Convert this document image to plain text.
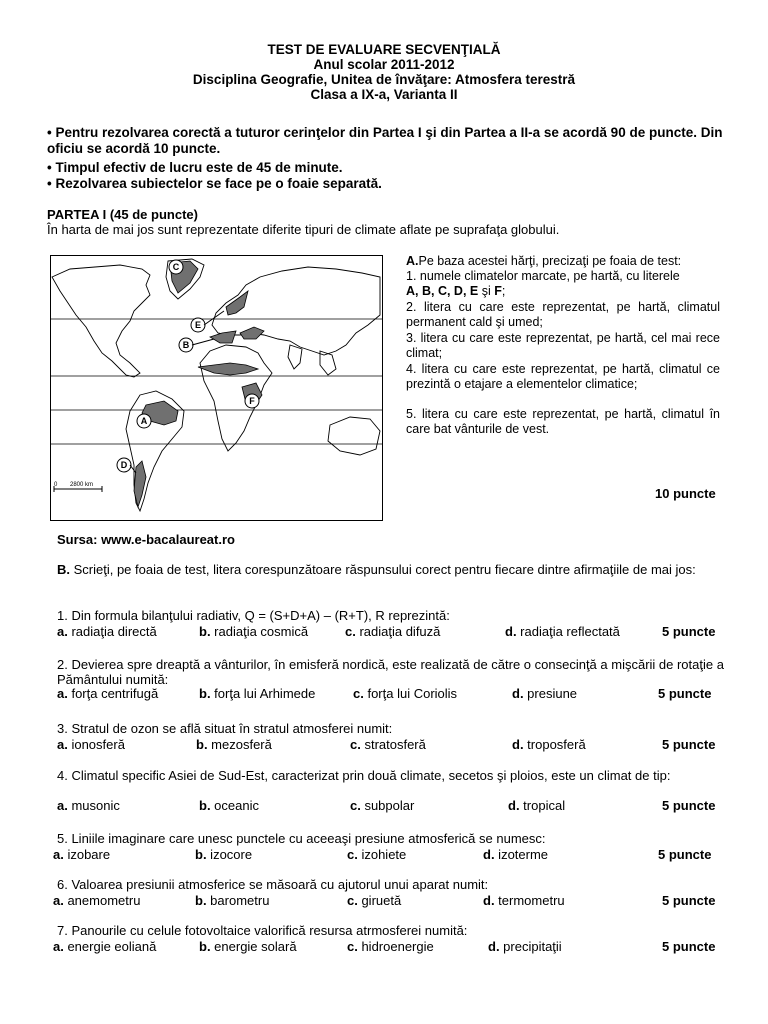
TEST DE EVALUARE SECVENŢIALĂ
Anul scolar 2011-2012
Disciplina Geografie, Unitea de învăţare: Atmosfera terestră
Clasa a IX-a, Varianta II
• Pentru rezolvarea corectă a tuturor cerinţelor din Partea I şi din Partea a II-a se acordă 90 de puncte. Din oficiu se acordă 10 puncte.
• Timpul efectiv de lucru este de 45 de minute.
• Rezolvarea subiectelor se face pe o foaie separată.
PARTEA I (45 de puncte)
În harta de mai jos sunt reprezentate diferite tipuri de climate aflate pe suprafaţa globului.
C
E
B
F
A
D
0 2800 km
A.Pe baza acestei hărţi, precizaţi pe foaia de test:
1. numele climatelor marcate, pe hartă, cu literele
A, B, C, D, E şi F;
2. litera cu care este reprezentat, pe hartă, climatul permanent cald şi umed;
3. litera cu care este reprezentat, pe hartă, cel mai rece climat;
4. litera cu care este reprezentat, pe hartă, climatul ce prezintă o etajare a elementelor climatice;
5. litera cu care este reprezentat, pe hartă, climatul în care bat vânturile de vest.
10 puncte
Sursa: www.e-bacalaureat.ro
B. Scrieţi, pe foaia de test, litera corespunzătoare răspunsului corect pentru fiecare dintre afirmaţiile de mai jos:
1. Din formula bilanţului radiativ, Q = (S+D+A) – (R+T), R reprezintă:
a. radiaţia directă	b. radiaţia cosmică	c. radiaţia difuză	d. radiaţia reflectată	5 puncte
2. Devierea spre dreaptă a vânturilor, în emisferă nordică, este realizată de către o consecinţă a mişcării de rotaţie a Pământului numită:
a. forţa centrifugă	b. forţa lui Arhimede	c. forţa lui Coriolis	d. presiune	5 puncte
3. Stratul de ozon se află situat în stratul atmosferei numit:
a. ionosferă	b. mezosferă	c. stratosferă	d. troposferă	5 puncte
4. Climatul specific Asiei de Sud-Est, caracterizat prin două climate, secetos şi ploios, este un climat de tip:
a. musonic	b. oceanic	c. subpolar	d. tropical	5 puncte
5. Liniile imaginare care unesc punctele cu aceeaşi presiune atmosferică se numesc:
a. izobare	b. izocore	c. izohiete	d. izoterme	5 puncte
6. Valoarea presiunii atmosferice se măsoară cu ajutorul unui aparat numit:
a. anemometru	b. barometru	c. giruetă	d. termometru	5 puncte
7. Panourile cu celule fotovoltaice valorifică resursa atrmosferei numită:
a. energie eoliană	b. energie solară	c. hidroenergie	d. precipitaţii	5 puncte
